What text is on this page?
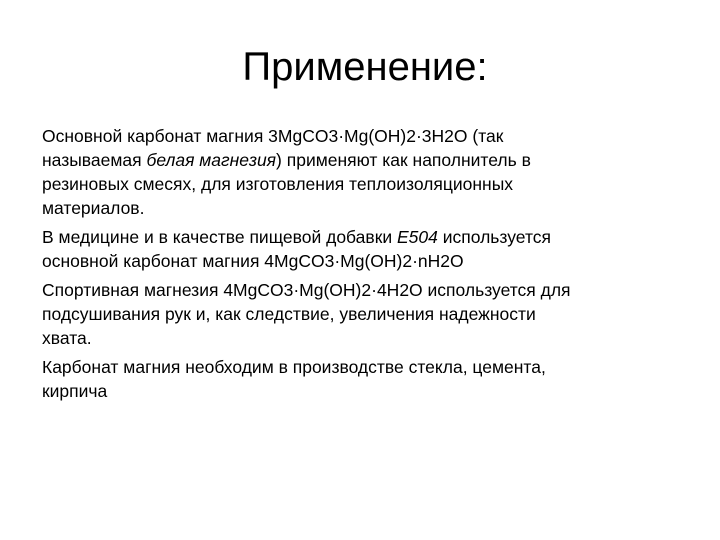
Применение:
Основной карбонат магния 3MgCO3·Mg(OH)2·3H2O (так
называемая белая магнезия) применяют как наполнитель в
резиновых смесях, для изготовления теплоизоляционных
материалов.
В медицине и в качестве пищевой добавки E504 используется
основной карбонат магния 4MgCO3·Mg(OH)2·nH2O
Спортивная магнезия 4MgCO3·Mg(OH)2·4H2O используется для
подсушивания рук и, как следствие, увеличения надежности
хвата.
Карбонат магния необходим в производстве стекла, цемента,
кирпича
